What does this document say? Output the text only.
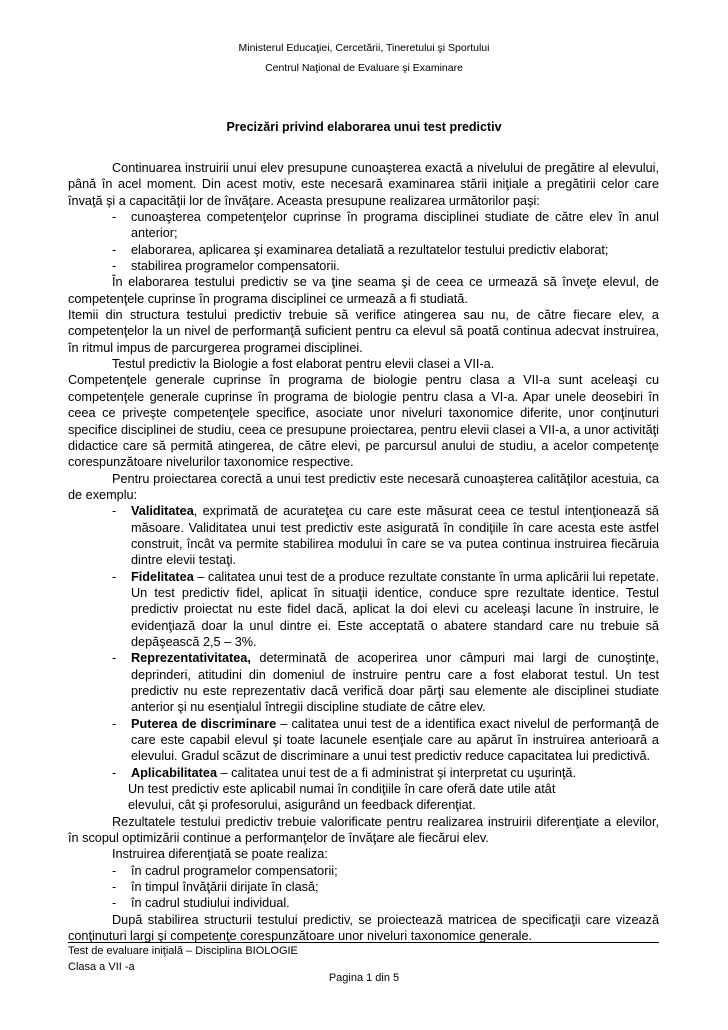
Ministerul Educaţiei, Cercetării, Tineretului şi Sportului
Centrul Naţional de Evaluare şi Examinare
Precizări privind elaborarea unui test predictiv

Continuarea instruirii unui elev presupune cunoaşterea exactă a nivelului de pregătire al elevului, până în acel moment. Din acest motiv, este necesară examinarea stării iniţiale a pregătirii celor care învaţă şi a capacităţii lor de învăţare. Aceasta presupune realizarea următorilor paşi:

- cunoaşterea competenţelor cuprinse în programa disciplinei studiate de către elev în anul anterior;
- elaborarea, aplicarea şi examinarea detaliată a rezultatelor testului predictiv elaborat;
- stabilirea programelor compensatorii.

În elaborarea testului predictiv se va ţine seama şi de ceea ce urmează să înveţe elevul, de competenţele cuprinse în programa disciplinei ce urmează a fi studiată.

Itemii din structura testului predictiv trebuie să verifice atingerea sau nu, de către fiecare elev, a competenţelor la un nivel de performanţă suficient pentru ca elevul să poată continua adecvat instruirea, în ritmul impus de parcurgerea programei disciplinei.

Testul predictiv la Biologie a fost elaborat pentru elevii clasei a VII-a.

Competenţele generale cuprinse în programa de biologie pentru clasa a VII-a sunt aceleaşi cu competenţele generale cuprinse în programa de biologie pentru clasa a VI-a. Apar unele deosebiri în ceea ce priveşte competenţele specifice, asociate unor niveluri taxonomice diferite, unor conţinuturi specifice disciplinei de studiu, ceea ce presupune proiectarea, pentru elevii clasei a VII-a, a unor activităţi didactice care să permită atingerea, de către elevi, pe parcursul anului de studiu, a acelor competenţe corespunzătoare nivelurilor taxonomice respective.

Pentru proiectarea corectă a unui test predictiv este necesară cunoaşterea calităţilor acestuia, ca de exemplu:

- Validitatea, exprimată de acurateţea cu care este măsurat ceea ce testul intenţionează să măsoare. Validitatea unui test predictiv este asigurată în condiţiile în care acesta este astfel construit, încât va permite stabilirea modului în care se va putea continua instruirea fiecăruia dintre elevii testaţi.
- Fidelitatea – calitatea unui test de a produce rezultate constante în urma aplicării lui repetate. Un test predictiv fidel, aplicat în situaţii identice, conduce spre rezultate identice. Testul predictiv proiectat nu este fidel dacă, aplicat la doi elevi cu aceleaşi lacune în instruire, le evidenţiază doar la unul dintre ei. Este acceptată o abatere standard care nu trebuie să depăşească 2,5 – 3%.
- Reprezentativitatea, determinată de acoperirea unor câmpuri mai largi de cunoştinţe, deprinderi, atitudini din domeniul de instruire pentru care a fost elaborat testul. Un test predictiv nu este reprezentativ dacă verifică doar părţi sau elemente ale disciplinei studiate anterior şi nu esenţialul întregii discipline studiate de către elev.
- Puterea de discriminare – calitatea unui test de a identifica exact nivelul de performanţă de care este capabil elevul şi toate lacunele esenţiale care au apărut în instruirea anterioară a elevului. Gradul scăzut de discriminare a unui test predictiv reduce capacitatea lui predictivă.
- Aplicabilitatea – calitatea unui test de a fi administrat şi interpretat cu uşurinţă.
Un test predictiv este aplicabil numai în condiţiile în care oferă date utile atât
elevului, cât şi profesorului, asigurând un feedback diferenţiat.

Rezultatele testului predictiv trebuie valorificate pentru realizarea instruirii diferenţiate a elevilor, în scopul optimizării continue a performanţelor de învăţare ale fiecărui elev.

Instruirea diferenţiată se poate realiza:

- în cadrul programelor compensatorii;
- în timpul învăţării dirijate în clasă;
- în cadrul studiului individual.

După stabilirea structurii testului predictiv, se proiectează matricea de specificaţii care vizează conţinuturi largi şi competenţe corespunzătoare unor niveluri taxonomice generale.

Test de evaluare iniţială – Disciplina BIOLOGIE
Clasa a VII -a
Pagina 1 din 5
